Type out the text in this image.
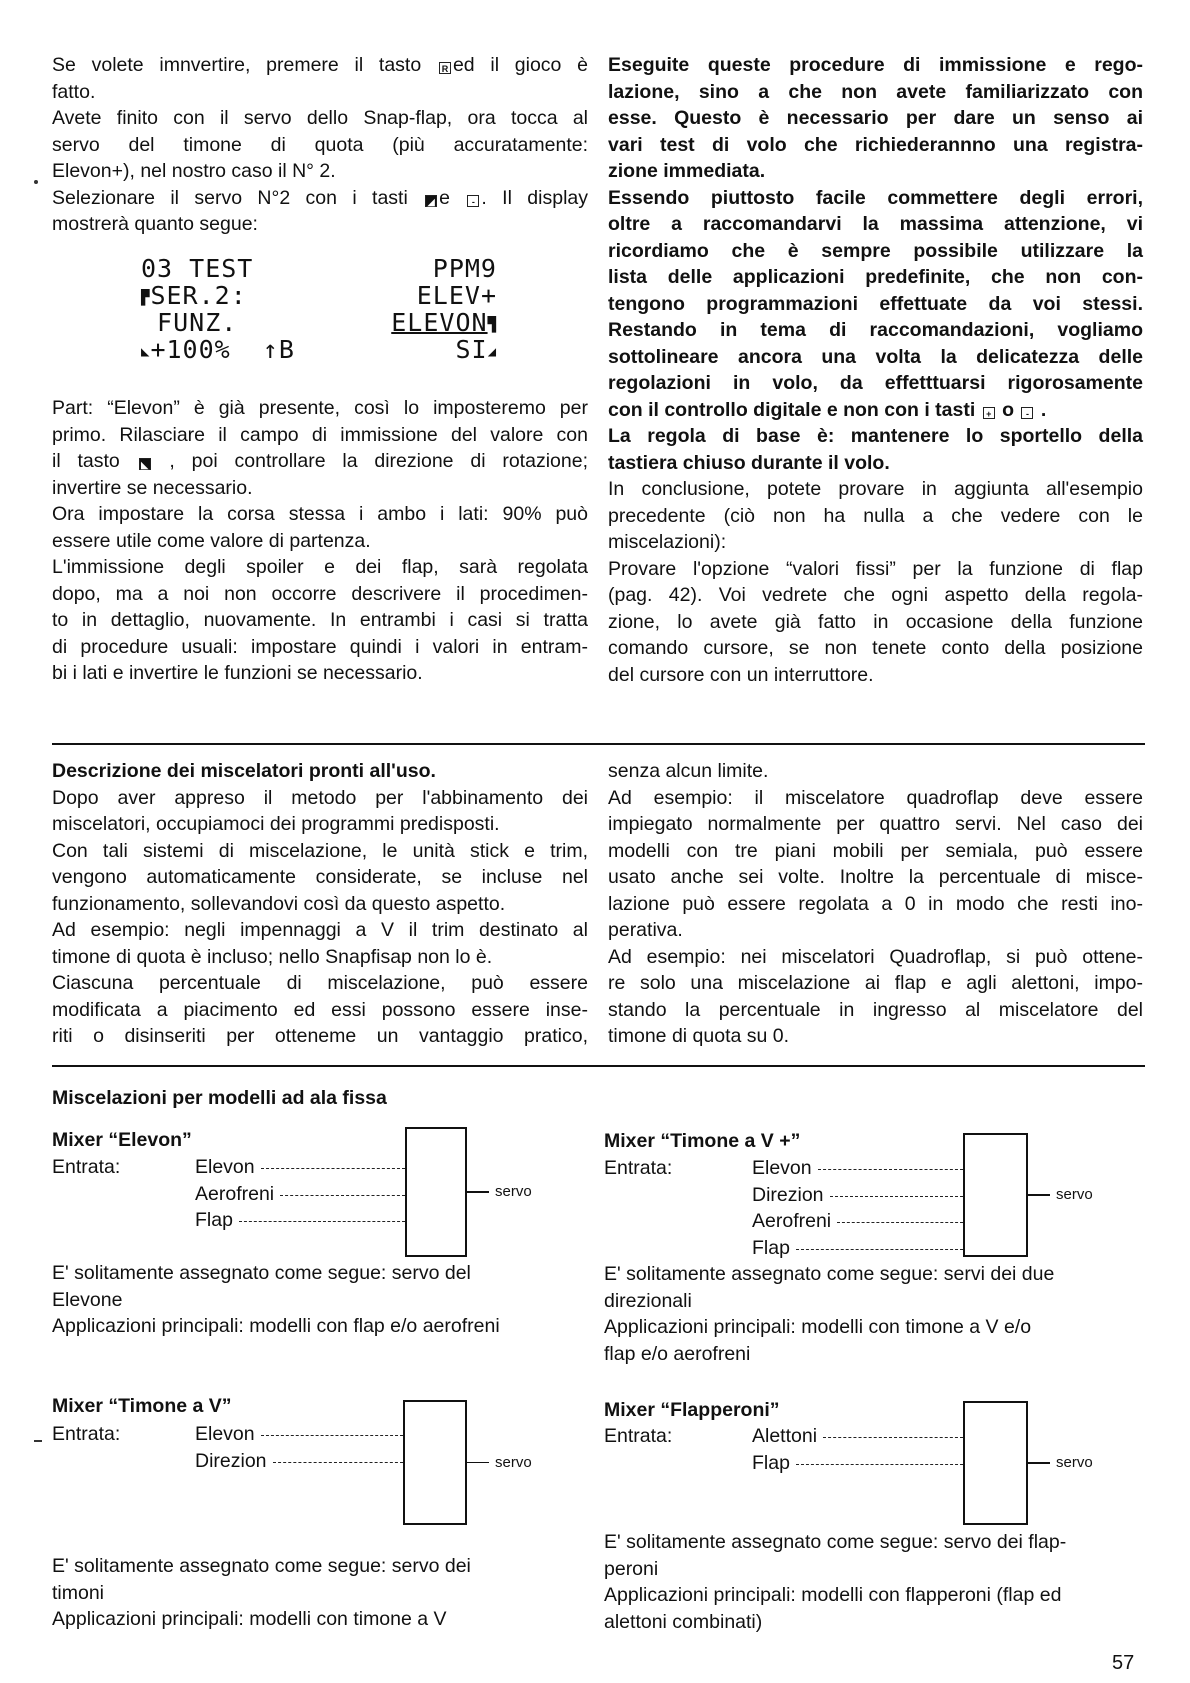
Se volete imnvertire, premere il tasto R ed il gioco è
fatto.
Avete finito con il servo dello Snap-flap, ora tocca al
servo del timone di quota (più accuratamente:
Elevon+), nel nostro caso il N° 2.
Selezionare il servo N°2 con i tasti ◢ e - . Il display
mostrerà quanto segue:
03 TEST	PPM9
▛SER.2:	ELEV+
FUNZ.	ELEVON▜
◣+100%  ↑B	SI◢
Part: “Elevon” è già presente, così lo imposteremo per
primo. Rilasciare il campo di immissione del valore con
il tasto ◣ , poi controllare la direzione di rotazione;
invertire se necessario.
Ora impostare la corsa stessa i ambo i lati: 90% può
essere utile come valore di partenza.
L'immissione degli spoiler e dei flap, sarà regolata
dopo, ma a noi non occorre descrivere il procedimen-
to in dettaglio, nuovamente. In entrambi i casi si tratta
di procedure usuali: impostare quindi i valori in entram-
bi i lati e invertire le funzioni se necessario.
Eseguite queste procedure di immissione e rego-
lazione, sino a che non avete familiarizzato con
esse. Questo è necessario per dare un senso ai
vari test di volo che richiederannno una registra-
zione immediata.
Essendo piuttosto facile commettere degli errori,
oltre a raccomandarvi la massima attenzione, vi
ricordiamo che è sempre possibile utilizzare la
lista delle applicazioni predefinite, che non con-
tengono programmazioni effettuate da voi stessi.
Restando in tema di raccomandazioni, vogliamo
sottolineare ancora una volta la delicatezza delle
regolazioni in volo, da effetttuarsi rigorosamente
con il controllo digitale e non con i tasti + o - .
La regola di base è: mantenere lo sportello della
tastiera chiuso durante il volo.
In conclusione, potete provare in aggiunta all'esempio
precedente (ciò non ha nulla a che vedere con le
miscelazioni):
Provare l'opzione “valori fissi” per la funzione di flap
(pag. 42). Voi vedrete che ogni aspetto della regola-
zione, lo avete già fatto in occasione della funzione
comando cursore, se non tenete conto della posizione
del cursore con un interruttore.
Descrizione dei miscelatori pronti all'uso.
Dopo aver appreso il metodo per l'abbinamento dei
miscelatori, occupiamoci dei programmi predisposti.
Con tali sistemi di miscelazione, le unità stick e trim,
vengono automaticamente considerate, se incluse nel
funzionamento, sollevandovi così da questo aspetto.
Ad esempio: negli impennaggi a V il trim destinato al
timone di quota è incluso; nello Snapfisap non lo è.
Ciascuna percentuale di miscelazione, può essere
modificata a piacimento ed essi possono essere inse-
riti o disinseriti per otteneme un vantaggio pratico,
senza alcun limite.
Ad esempio: il miscelatore quadroflap deve essere
impiegato normalmente per quattro servi. Nel caso dei
modelli con tre piani mobili per semiala, può essere
usato anche sei volte. Inoltre la percentuale di misce-
lazione può essere regolata a 0 in modo che resti ino-
perativa.
Ad esempio: nei miscelatori Quadroflap, si può ottene-
re solo una miscelazione ai flap e agli alettoni, impo-
stando la percentuale in ingresso al miscelatore del
timone di quota su 0.
Miscelazioni per modelli ad ala fissa
Mixer “Elevon”
Entrata:	Elevon
Aerofreni
Flap
servo
E' solitamente assegnato come segue: servo del
Elevone
Applicazioni principali: modelli con flap e/o aerofreni
Mixer “Timone a V +”
Entrata:	Elevon
Direzion
Aerofreni
Flap
servo
E' solitamente assegnato come segue: servi dei due
direzionali
Applicazioni principali: modelli con timone a V e/o
flap e/o aerofreni
Mixer “Timone a V”
Entrata:	Elevon
Direzion	servo
E' solitamente assegnato come segue: servo dei
timoni
Applicazioni principali: modelli con timone a V
Mixer “Flapperoni”
Entrata:	Alettoni
Flap	servo
E' solitamente assegnato come segue: servo dei flap-
peroni
Applicazioni principali: modelli con flapperoni (flap ed
alettoni combinati)
57
